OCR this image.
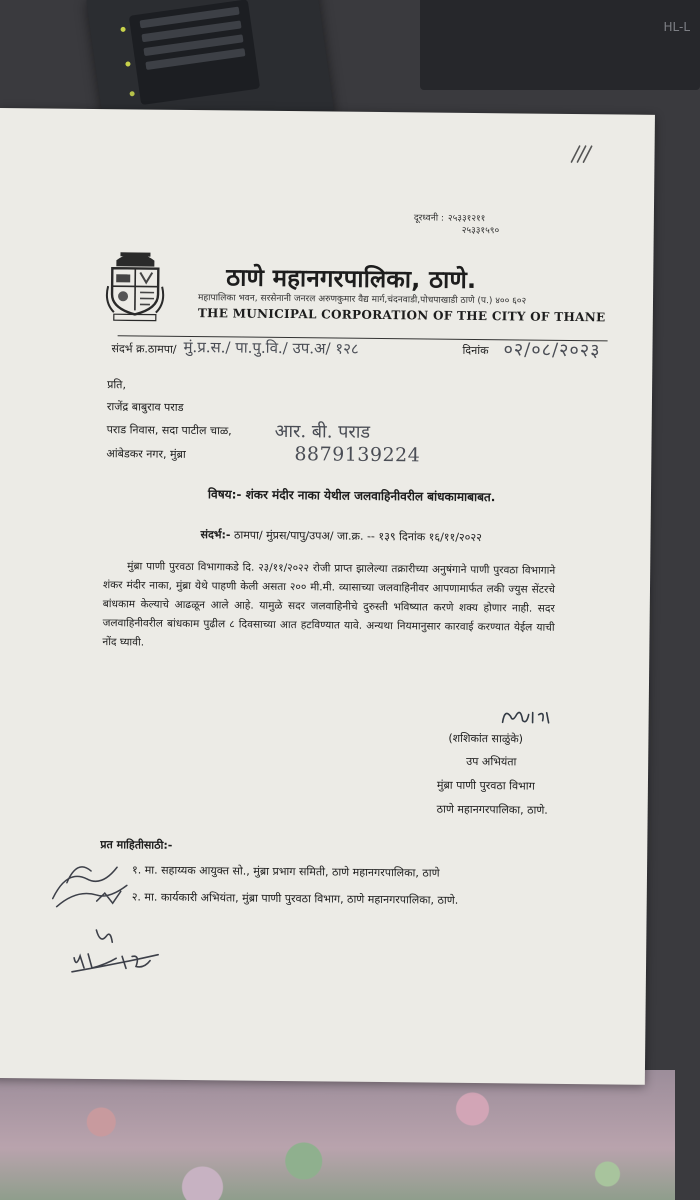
HL-L
दूरध्वनी : २५३३१२११
२५३३१५९०
ठाणे महानगरपालिका, ठाणे.
महापालिका भवन, सरसेनानी जनरल अरुणकुमार वैद्य मार्ग,चंदनवाडी,पोचपाखाडी ठाणे (प.) ४०० ६०२
THE MUNICIPAL CORPORATION OF THE CITY OF THANE
संदर्भ क्र.ठामपा/ मुं.प्र.स./ पा.पु.वि./ उप.अ/ १२८	दिनांक ०२/०८/२०२३
प्रति,
राजेंद्र बाबुराव पराड
पराड निवास, सदा पाटील चाळ,
आंबेडकर नगर, मुंब्रा
आर. बी. पराड
8879139224
विषय:- शंकर मंदीर नाका येथील जलवाहिनीवरील बांधकामाबाबत.
संदर्भ:- ठामपा/ मुंप्रस/पापु/उपअ/ जा.क्र. -- १३९ दिनांक १६/११/२०२२
मुंब्रा पाणी पुरवठा विभागाकडे दि. २३/११/२०२२ रोजी प्राप्त झालेल्या तक्रारीच्या अनुषंगाने पाणी पुरवठा विभागाने शंकर मंदीर नाका, मुंब्रा येथे पाहणी केली असता २०० मी.मी. व्यासाच्या जलवाहिनीवर आपणामार्फत लकी ज्युस सेंटरचे बांधकाम केल्याचे आढळून आले आहे. यामुळे सदर जलवाहिनीचे दुरुस्ती भविष्यात करणे शक्य होणार नाही. सदर जलवाहिनीवरील बांधकाम पुढील ८ दिवसाच्या आत हटविण्यात यावे. अन्यथा नियमानुसार कारवाई करण्यात येईल याची नोंद घ्यावी.
(शशिकांत साळुंके)
उप अभियंता
मुंब्रा पाणी पुरवठा विभाग
ठाणे महानगरपालिका, ठाणे.
प्रत माहितीसाठी:-
१. मा. सहाय्यक आयुक्त सो., मुंब्रा प्रभाग समिती, ठाणे महानगरपालिका, ठाणे
२. मा. कार्यकारी अभियंता, मुंब्रा पाणी पुरवठा विभाग, ठाणे महानगरपालिका, ठाणे.
